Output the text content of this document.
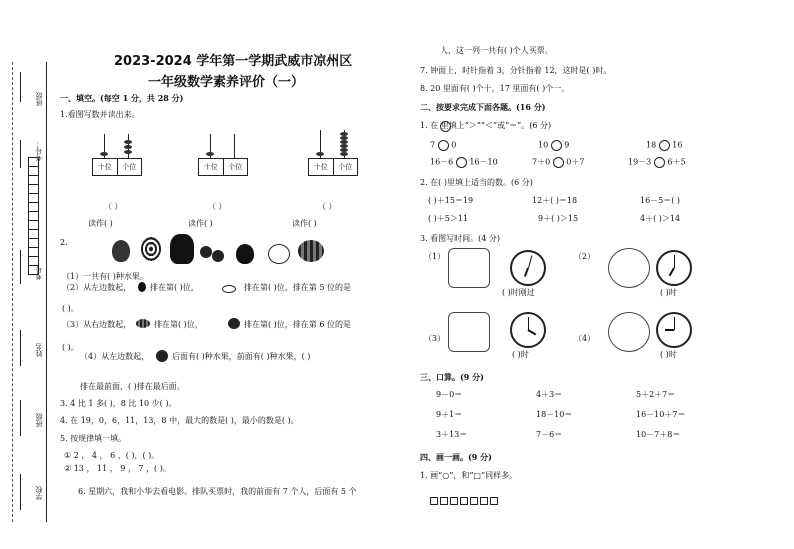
班级
考号：
考号
姓名
班级
学校
2023-2024 学年第一学期武威市凉州区
一年级数学素养评价（一）
一、填空。(每空 1 分，共 28 分)
1.看图写数并读出来。
十位	个位	十位	个位	十位	个位
（ ）	（ ）	（ ）
读作( )	读作( )	读作( )
2.
（1）一共有( )种水果。
（2）从左边数起， 排在第( )位，	排在第( )位，排在第 5 位的是
( )。
（3）从右边数起，	排在第( )位，	排在第( )位，排在第 6 位的是
( )。
（4）从左边数起，	后面有( )种水果，前面有( )种水果，( )
排在最前面，( )排在最后面。
3. 4 比 1 多( )，8 比 10 少( )。
4. 在 19，0，6，11，13，8 中，最大的数是( )，最小的数是( )。
5. 按规律填一填。
① 2 ， 4 ， 6 ，( )，( )。
② 13 ， 11 ， 9 ， 7 ，( )。
6. 星期六，我和小华去看电影。排队买票时，我的前面有 7 个人，后面有 5 个
人，这一列一共有( )个人买票。
7. 钟面上，时针指着 3，分针指着 12，这时是( )时。
8. 20 里面有( )个十，17 里面有( )个一。
二、按要求完成下面各题。(16 分)
1. 在 里填上“＞”“＜”或“＝”。(6 分)
7 0	10 9	18 16
16－6 16－10	7＋0 0＋7	19－3 6＋5
2. 在( )里填上适当的数。(6 分)
( )＋15＝19	12＋( )＝18	16－5＝( )
( )＋5＞11	9＋( )＞15	4＋( )＞14
3. 看图写时间。(4 分)
（1）
( )时刚过
（2）
( )时
（3）
( )时
（4）
( )时
三、口算。(9 分)
9－0＝	4＋3＝	5＋2＋7＝
9＋1＝	18－10＝	16－10＋7＝
3＋13＝	7－6＝	10－7＋8＝
四、画一画。(9 分)
1. 画“○”，和“□”同样多。
